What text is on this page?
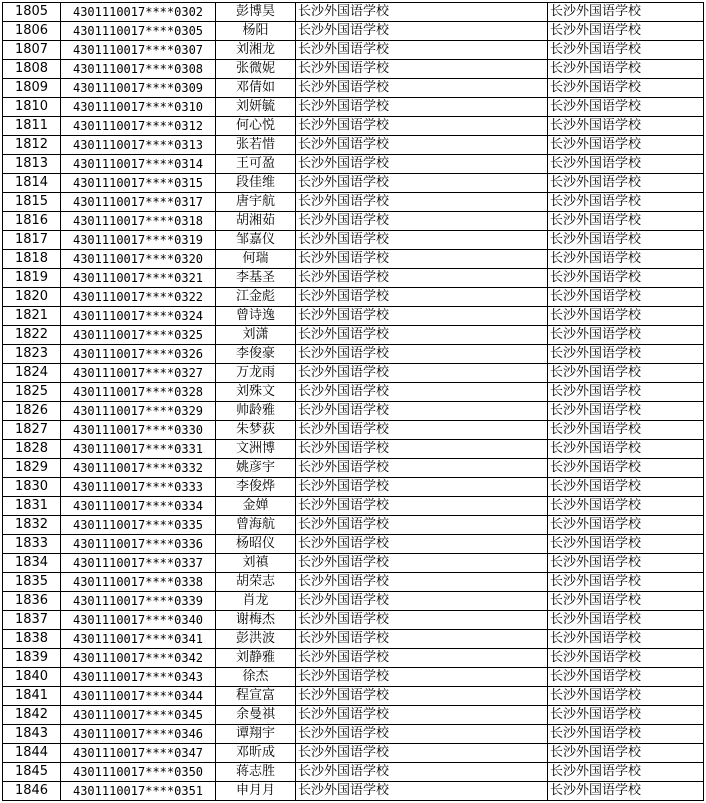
1805	4301110017****0302	彭博昊	长沙外国语学校	长沙外国语学校
1806	4301110017****0305	杨阳	长沙外国语学校	长沙外国语学校
1807	4301110017****0307	刘湘龙	长沙外国语学校	长沙外国语学校
1808	4301110017****0308	张微妮	长沙外国语学校	长沙外国语学校
1809	4301110017****0309	邓倩如	长沙外国语学校	长沙外国语学校
1810	4301110017****0310	刘妍毓	长沙外国语学校	长沙外国语学校
1811	4301110017****0312	何心悦	长沙外国语学校	长沙外国语学校
1812	4301110017****0313	张若惜	长沙外国语学校	长沙外国语学校
1813	4301110017****0314	王可盈	长沙外国语学校	长沙外国语学校
1814	4301110017****0315	段佳维	长沙外国语学校	长沙外国语学校
1815	4301110017****0317	唐宇航	长沙外国语学校	长沙外国语学校
1816	4301110017****0318	胡湘茹	长沙外国语学校	长沙外国语学校
1817	4301110017****0319	邹嘉仪	长沙外国语学校	长沙外国语学校
1818	4301110017****0320	何瑞	长沙外国语学校	长沙外国语学校
1819	4301110017****0321	李基圣	长沙外国语学校	长沙外国语学校
1820	4301110017****0322	江金彪	长沙外国语学校	长沙外国语学校
1821	4301110017****0324	曾诗逸	长沙外国语学校	长沙外国语学校
1822	4301110017****0325	刘潇	长沙外国语学校	长沙外国语学校
1823	4301110017****0326	李俊豪	长沙外国语学校	长沙外国语学校
1824	4301110017****0327	万龙雨	长沙外国语学校	长沙外国语学校
1825	4301110017****0328	刘殊文	长沙外国语学校	长沙外国语学校
1826	4301110017****0329	帅龄雅	长沙外国语学校	长沙外国语学校
1827	4301110017****0330	朱梦荻	长沙外国语学校	长沙外国语学校
1828	4301110017****0331	文洲博	长沙外国语学校	长沙外国语学校
1829	4301110017****0332	姚彦宇	长沙外国语学校	长沙外国语学校
1830	4301110017****0333	李俊烨	长沙外国语学校	长沙外国语学校
1831	4301110017****0334	金婵	长沙外国语学校	长沙外国语学校
1832	4301110017****0335	曾海航	长沙外国语学校	长沙外国语学校
1833	4301110017****0336	杨昭仪	长沙外国语学校	长沙外国语学校
1834	4301110017****0337	刘禛	长沙外国语学校	长沙外国语学校
1835	4301110017****0338	胡荣志	长沙外国语学校	长沙外国语学校
1836	4301110017****0339	肖龙	长沙外国语学校	长沙外国语学校
1837	4301110017****0340	谢梅杰	长沙外国语学校	长沙外国语学校
1838	4301110017****0341	彭洪波	长沙外国语学校	长沙外国语学校
1839	4301110017****0342	刘静雅	长沙外国语学校	长沙外国语学校
1840	4301110017****0343	徐杰	长沙外国语学校	长沙外国语学校
1841	4301110017****0344	程宣富	长沙外国语学校	长沙外国语学校
1842	4301110017****0345	余曼祺	长沙外国语学校	长沙外国语学校
1843	4301110017****0346	谭翔宇	长沙外国语学校	长沙外国语学校
1844	4301110017****0347	邓昕成	长沙外国语学校	长沙外国语学校
1845	4301110017****0350	蒋志胜	长沙外国语学校	长沙外国语学校
1846	4301110017****0351	申月月	长沙外国语学校	长沙外国语学校
